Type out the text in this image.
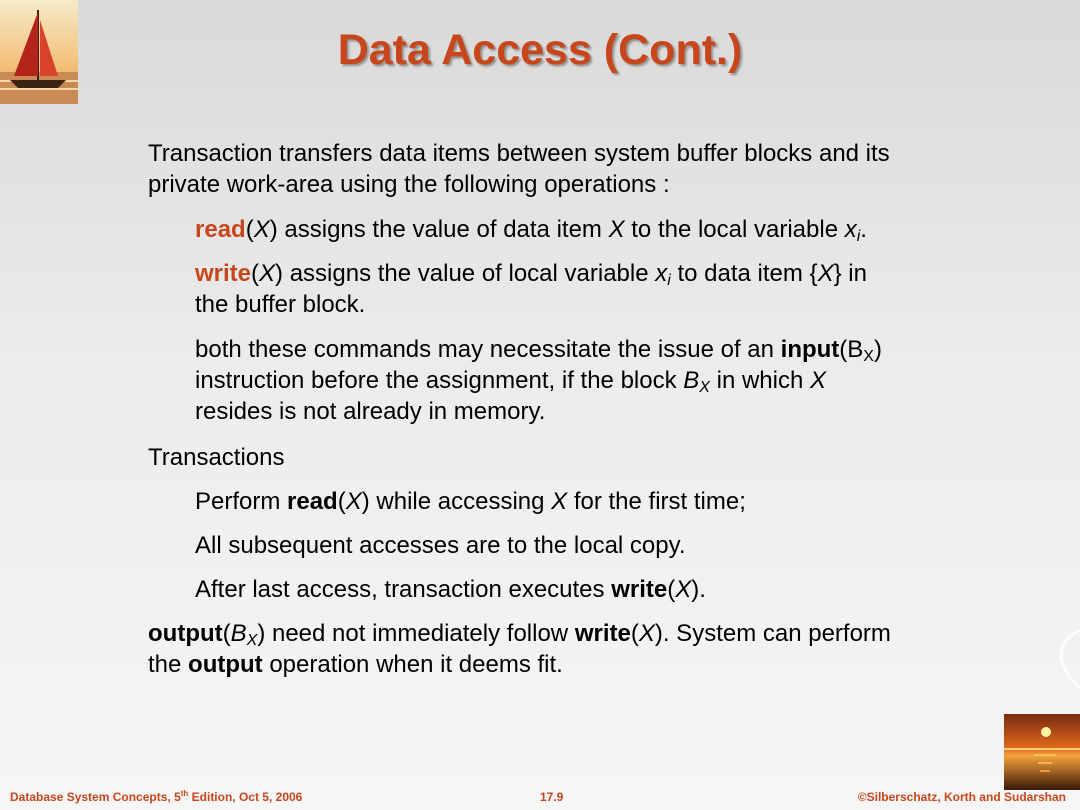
Data Access (Cont.)

Transaction transfers data items between system buffer blocks and its
private work-area using the following operations :

read(X) assigns the value of data item X to the local variable $x_i$.

write(X) assigns the value of local variable $x_i$ to data item {X} in
the buffer block.

both these commands may necessitate the issue of an $input(B_X)$
instruction before the assignment, if the block $B_X$ in which X
resides is not already in memory.

Transactions

Perform read(X) while accessing X for the first time;

All subsequent accesses are to the local copy.

After last access, transaction executes write(X).

$output(B_X)$ need not immediately follow write(X). System can perform
the output operation when it deems fit.

Database System Concepts, 5th Edition, Oct 5, 2006	17.9	©Silberschatz, Korth and Sudarshan
